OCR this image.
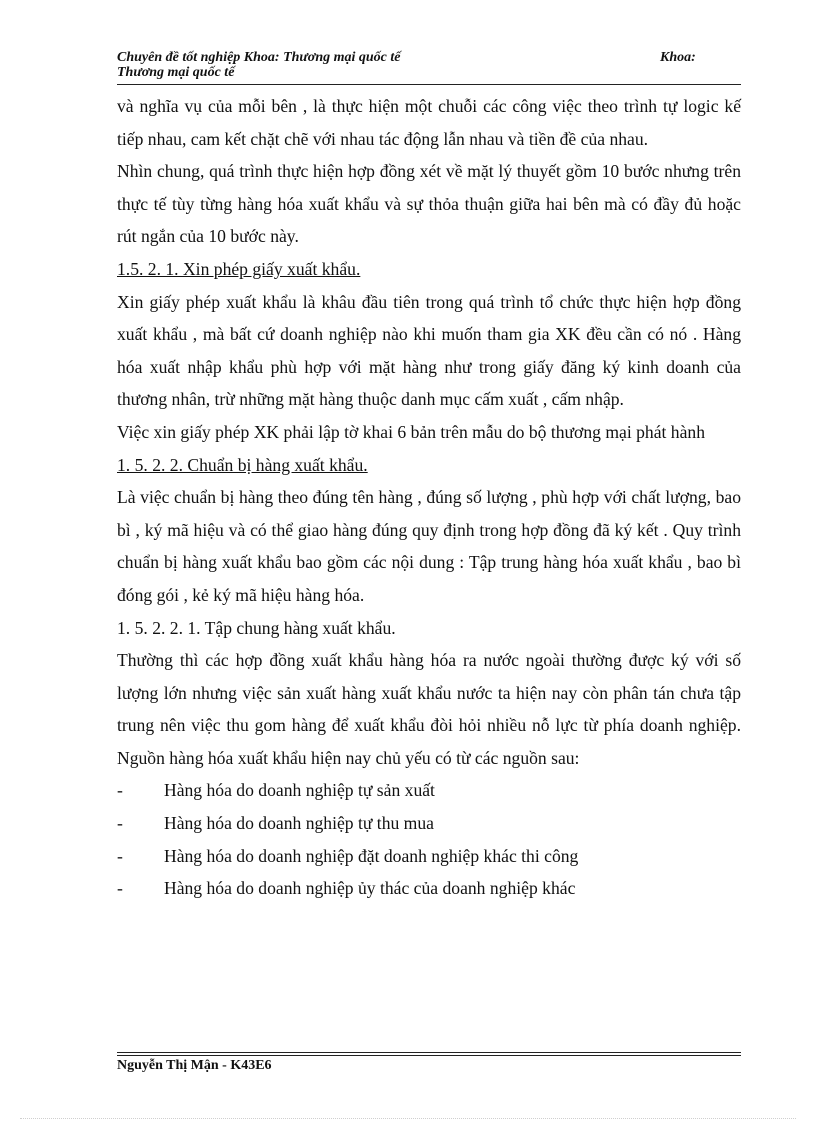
Chuyên đề tốt nghiệp Khoa: Thương mại quốc tế	Khoa:
Thương mại quốc tế

và nghĩa vụ của mỗi bên , là thực hiện một chuỗi các công việc theo trình tự logic kế tiếp nhau, cam kết chặt chẽ với nhau tác động lẫn nhau và tiền đề của nhau.

Nhìn chung, quá trình thực hiện hợp đồng xét về mặt lý thuyết gồm 10 bước nhưng trên thực tế tùy từng hàng hóa xuất khẩu và sự thỏa thuận giữa hai bên mà có đầy đủ hoặc rút ngắn của 10 bước này.

1.5. 2. 1. Xin phép giấy xuất khẩu.

Xin giấy phép xuất khẩu là khâu đầu tiên trong quá trình tổ chức thực hiện hợp đồng xuất khẩu , mà bất cứ doanh nghiệp nào khi muốn tham gia XK đều cần có nó . Hàng hóa xuất nhập khẩu phù hợp với mặt hàng như trong giấy đăng ký kinh doanh của thương nhân, trừ những mặt hàng thuộc danh mục cấm xuất , cấm nhập.

Việc xin giấy phép XK phải lập tờ khai 6 bản trên mẫu do bộ thương mại phát hành

1. 5. 2. 2. Chuẩn bị hàng xuất khẩu.

Là việc chuẩn bị hàng theo đúng tên hàng , đúng số lượng , phù hợp với chất lượng, bao bì , ký mã hiệu và có thể giao hàng đúng quy định trong hợp đồng đã ký kết . Quy trình chuẩn bị hàng xuất khẩu bao gồm các nội dung : Tập trung hàng hóa xuất khẩu , bao bì đóng gói , kẻ ký mã hiệu hàng hóa.

1. 5. 2. 2. 1. Tập chung hàng xuất khẩu.

Thường thì các hợp đồng xuất khẩu hàng hóa ra nước ngoài thường được ký với số lượng lớn nhưng việc sản xuất hàng xuất khẩu nước ta hiện nay còn phân tán chưa tập trung nên việc thu gom hàng để xuất khẩu đòi hỏi nhiều nỗ lực từ phía doanh nghiệp. Nguồn hàng hóa xuất khẩu hiện nay chủ yếu có từ các nguồn sau:

-	Hàng hóa do doanh nghiệp tự sản xuất
-	Hàng hóa do doanh nghiệp tự thu mua
-	Hàng hóa do doanh nghiệp đặt doanh nghiệp khác thi công
-	Hàng hóa do doanh nghiệp ủy thác của doanh nghiệp khác
Nguyễn Thị Mận - K43E6
